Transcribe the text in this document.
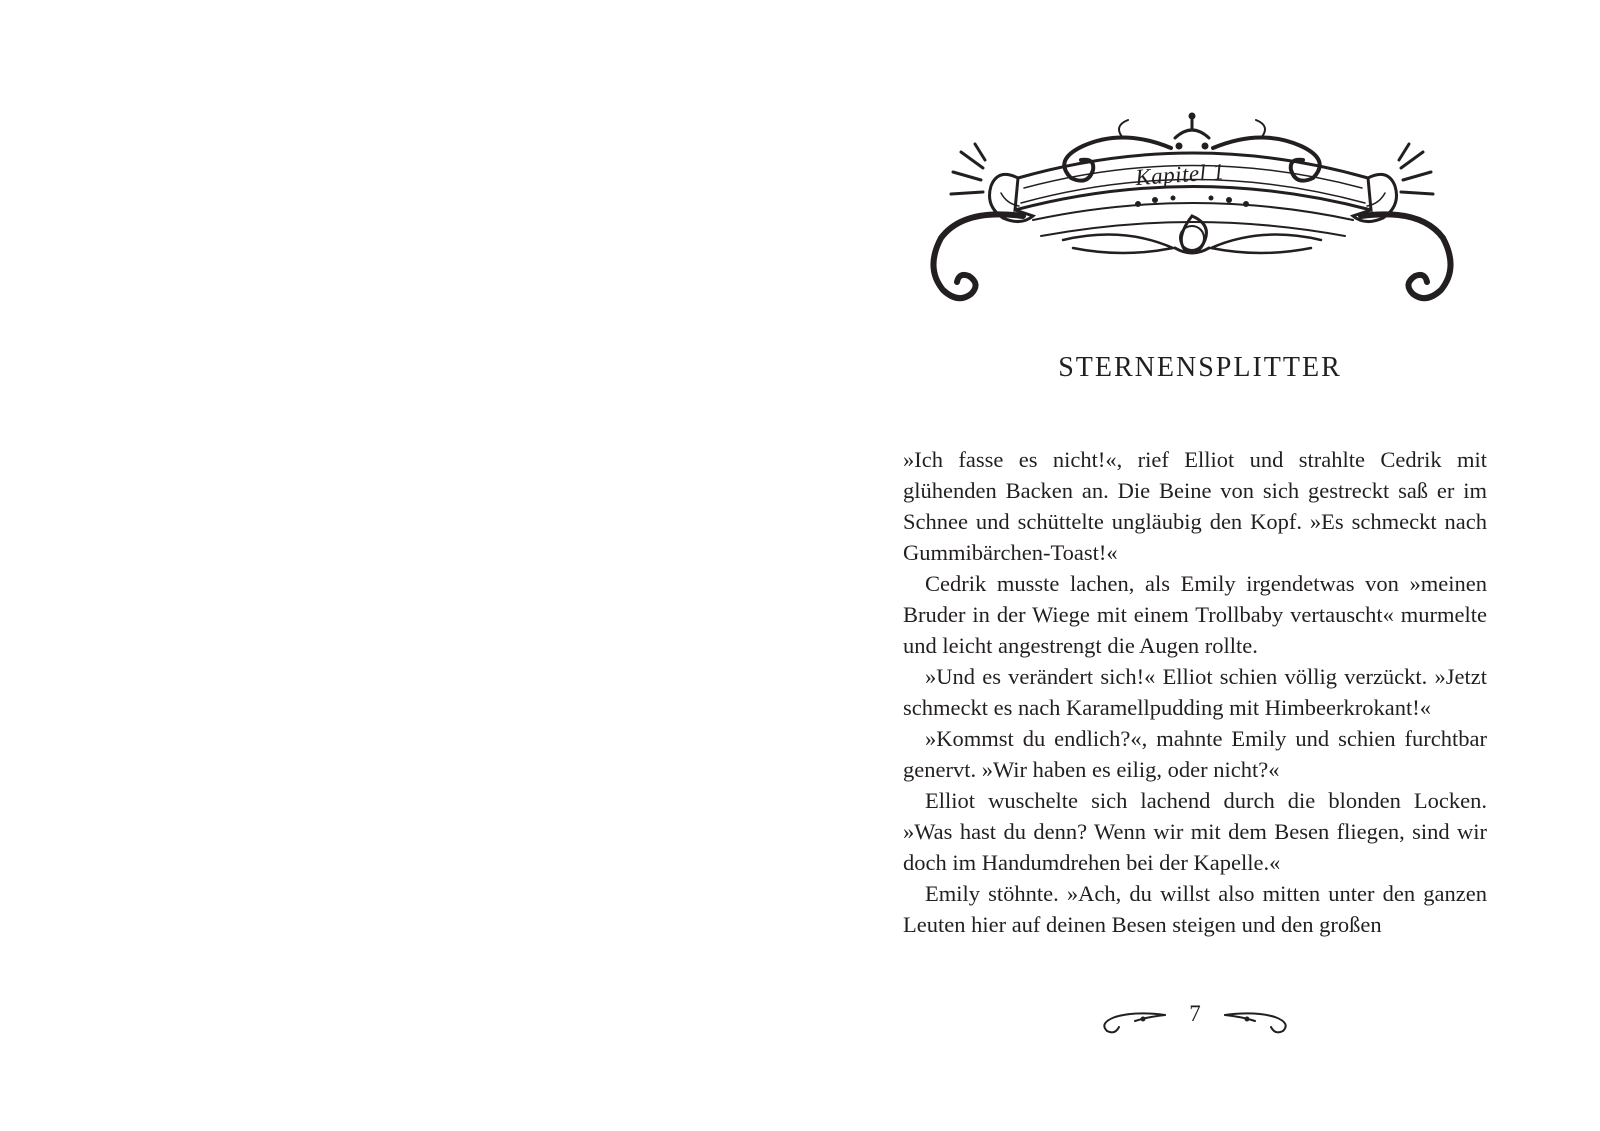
Kapitel 1
STERNENSPLITTER

»Ich fasse es nicht!«, rief Elliot und strahlte Cedrik mit glühenden Backen an. Die Beine von sich gestreckt saß er im Schnee und schüttelte ungläubig den Kopf. »Es schmeckt nach Gummibärchen-Toast!«

Cedrik musste lachen, als Emily irgendetwas von »meinen Bruder in der Wiege mit einem Trollbaby vertauscht« murmelte und leicht angestrengt die Augen rollte.

»Und es verändert sich!« Elliot schien völlig verzückt. »Jetzt schmeckt es nach Karamellpudding mit Himbeerkrokant!«

»Kommst du endlich?«, mahnte Emily und schien furchtbar genervt. »Wir haben es eilig, oder nicht?«

Elliot wuschelte sich lachend durch die blonden Locken. »Was hast du denn? Wenn wir mit dem Besen fliegen, sind wir doch im Handumdrehen bei der Kapelle.«

Emily stöhnte. »Ach, du willst also mitten unter den ganzen Leuten hier auf deinen Besen steigen und den großen

7
